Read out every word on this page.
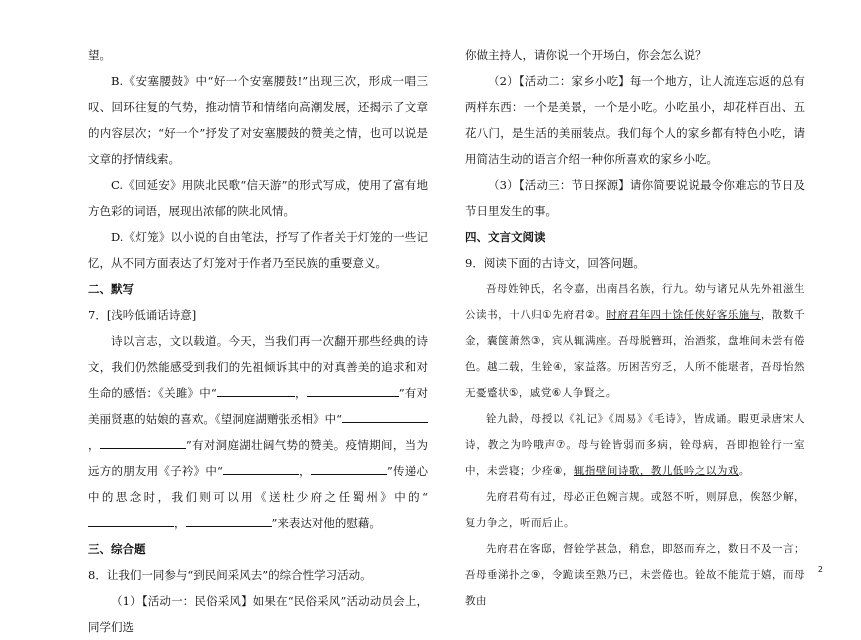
望。

B.《安塞腰鼓》中“好一个安塞腰鼓!”出现三次，形成一唱三叹、回环往复的气势，推动情节和情绪向高潮发展，还揭示了文章的内容层次；“好一个”抒发了对安塞腰鼓的赞美之情，也可以说是文章的抒情线索。

C.《回延安》用陕北民歌“信天游”的形式写成，使用了富有地方色彩的词语，展现出浓郁的陕北风情。

D.《灯笼》以小说的自由笔法，抒写了作者关于灯笼的一些记忆，从不同方面表达了灯笼对于作者乃至民族的重要意义。

二、默写

7．[浅吟低诵话诗意]

诗以言志，文以载道。今天，当我们再一次翻开那些经典的诗文，我们仍然能感受到我们的先祖倾诉其中的对真善美的追求和对生命的感悟：《关雎》中“	，	”有对美丽贤惠的姑娘的喜欢。《望洞庭湖赠张丞相》中“，	”有对洞庭湖壮阔气势的赞美。疫情期间，当为远方的朋友用《子衿》中“	，	”传递心中的思念时，我们则可以用《送杜少府之任蜀州》中的“，	”来表达对他的慰藉。

三、综合题

8．让我们一同参与“到民间采风去”的综合性学习活动。

（1）【活动一：民俗采风】如果在“民俗采风”活动动员会上，同学们选

你做主持人，请你说一个开场白，你会怎么说？

（2）【活动二：家乡小吃】每一个地方，让人流连忘返的总有两样东西：一个是美景，一个是小吃。小吃虽小，却花样百出、五花八门，是生活的美丽装点。我们每个人的家乡都有特色小吃，请用简洁生动的语言介绍一种你所喜欢的家乡小吃。

（3）【活动三：节日探源】请你简要说说最令你难忘的节日及节日里发生的事。

四、文言文阅读

9．阅读下面的古诗文，回答问题。

吾母姓钟氏，名令嘉，出南昌名族，行九。幼与诸兄从先外祖滋生公读书，十八归①先府君②。时府君年四十馀任侠好客乐施与，散数千金，囊箧萧然③，宾从辄满座。吾母脱簪珥，治酒浆，盘堆间未尝有倦色。越二载，生铨④，家益落。历困苦穷乏，人所不能堪者，吾母怡然无憂蹙状⑤，戚党⑥人争賢之。

铨九龄，母授以《礼记》《周易》《毛诗》，皆成诵。暇更录唐宋人诗，教之为吟哦声⑦。母与铨皆弱而多病，铨母病，吾即抱铨行一室中，未尝寝；少痊⑧，辄指壁间诗歌，教儿低吟之以为戏。

先府君苟有过，母必正色婉言规。或怒不听，则屏息，俟怒少解，复力争之，听而后止。

先府君在客邸，督铨学甚急，稍怠，即怒而弃之，数日不及一言；吾母垂涕扑之⑨，令跪读至熟乃已，未尝倦也。铨故不能荒于嬉，而母教由

2
